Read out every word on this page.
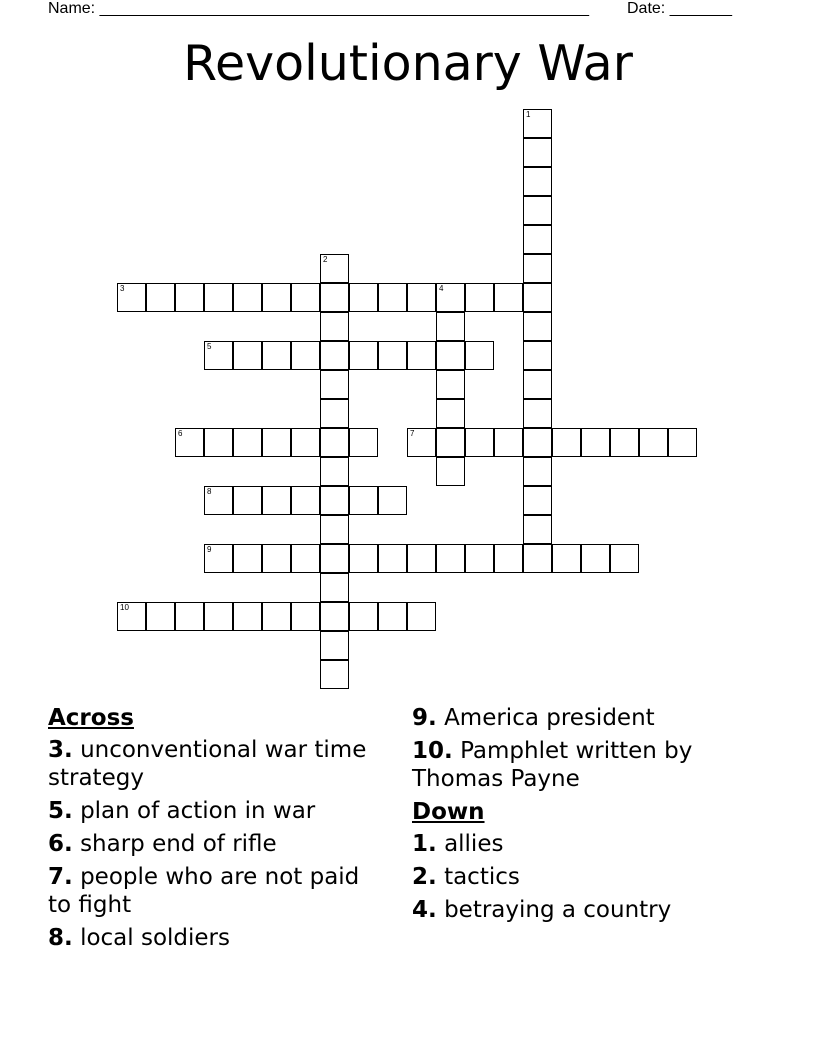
Name: _______________________________________________________ Date: _______
Revolutionary War
1
2
3	4
5
6	7
8
9
10
Across
3. unconventional war time strategy
5. plan of action in war
6. sharp end of rifle
7. people who are not paid to fight
8. local soldiers
9. America president
10. Pamphlet written by Thomas Payne
Down
1. allies
2. tactics
4. betraying a country
